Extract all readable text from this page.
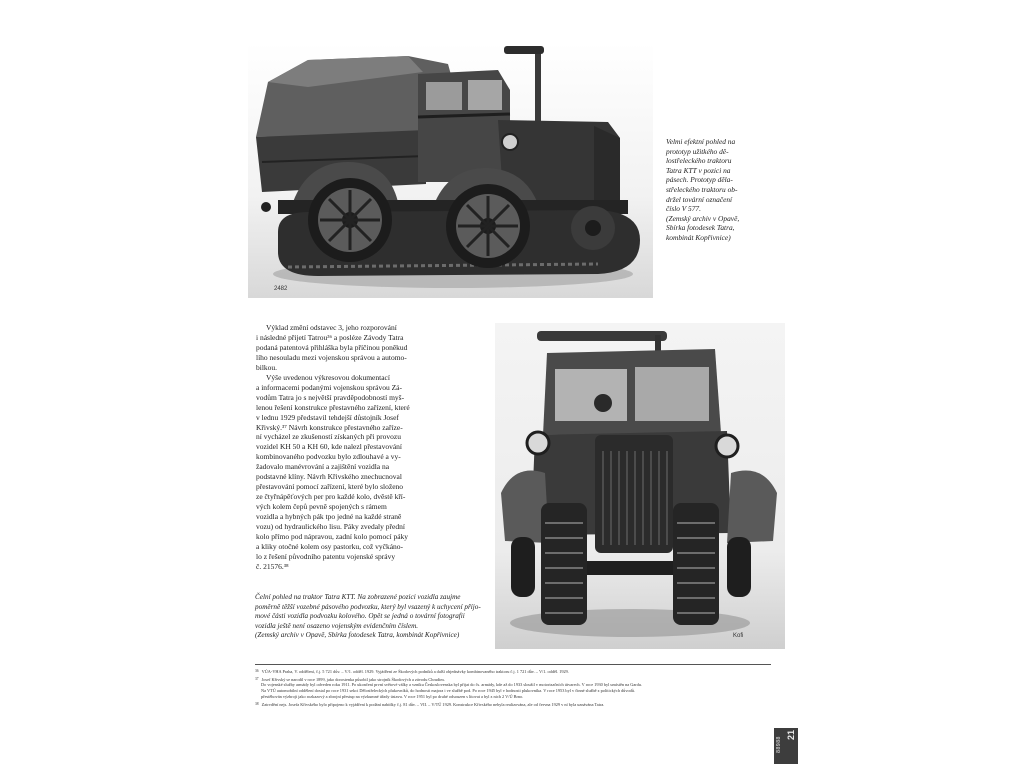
2482
Velmi efektní pohled na
prototyp užitkého dě-
lostřeleckého traktoru
Tatra KTT v pozici na
pásech. Prototyp děla-
střeleckého traktoru ob-
držel tovární označení
číslo V 577.
(Zemský archiv v Opavě,
Sbírka fotodesek Tatra,
kombinát Kopřivnice)
Výklad změní odstavec 3, jeho rozporování
i následné přijetí Tatrou³⁶ a posléze Závody Tatra
podaná patentová přihláška byla příčinou poněkud
lího nesouladu mezi vojenskou správou a automo-
bilkou.
Výše uvedenou výkresovou dokumentací
a informacemi podanými vojenskou správou Zá-
vodům Tatra jo s největší pravděpodobností myš-
lenou řešení konstrukce přestavného zařízení, které
v lednu 1929 představil tehdejší důstojník Josef
Křivský.³⁷ Návrh konstrukce přestavného zaříze-
ní vycházel ze zkušeností získaných při provozu
vozidel KH 50 a KH 60, kde nalezl přestavování
kombinovaného podvozku bylo zdlouhavé a vy-
žadovalo manévrování a zajištění vozidla na
podstavné klíny. Návrh Křivského znechucnoval
přestavování pomocí zařízení, které bylo složeno
ze čtyřnápěťových per pro každé kolo, dvěstě kří-
vých kolem čepů pevně spojených s rámem
vozidla a hybných pák tpo jedné na každé straně
vozu) od hydraulického lisu. Páky zvedaly přední
kolo přímo pod nápravou, zadní kolo pomocí páky
a kliky otočné kolem osy pastorku, což vyčkáno-
lo z řešení původního patentu vojenské správy
č. 21576.³⁸
Kofi
Čelní pohled na traktor Tatra KTT. Na zobrazené pozici vozidla zaujme
poměrně těžší vozebné pásového podvozku, který byl vsazený k uchycení příjo-
mové části vozidla podvozku kolového. Opět se jedná o tovární fotografii
vozidla ještě není osazeno vojenským evidenčním číslem.
(Zemský archiv v Opavě, Sbírka fotodesek Tatra, kombinát Kopřivnice)
$^{36}$ VÚA-VHA Praha, V. oddělení, č.j. 5 721 dův. – V/1. odděl. 1929. Vyjádření ze Škodových podniků a další objednávky kombinovaného traktoru č.j. 1 721 dův. – V/1. odděl. 1929.
$^{37}$ Josef Křivský se narodil v roce 1899, jako dorostenka působil jako strojník Škodových a závodu Chrudim.
Do vojenské služby armády byl odveden roku 1911. Po ukončení první světové války a vzniku Československa byl přijat do čs. armády, kde až do 1933 sloužil v motorizačních útvarech. V roce 1930 byl umístěn na Gardu.
Na VTÚ automobilní oddělení dostal po roce 1931 sekci Dělostřeleckých plukovníků, do hodnosti majora i ve službě pod. Po roce 1945 byl v hodnosti plukovníka. V roce 1953 byl v činné službě z politických důvodů.
přestěhován výzbroji jako rozkazový a zbrojní přestup na výzkumné úřady ústavu. V roce 1951 byl po druhé odsouzen s litovat a byl z nich 2 V/Ú Brno.
$^{38}$ Zatrvdění nejs. Josefa Křivského bylo připojeno k vyjádření k podání nabídky č.j. 81 dův. – VII. – V/TÚ 1929. Konstrukce Křivského nebyla realizována, ale od června 1929 v ní byla uznávána Tatra.
88988
21
